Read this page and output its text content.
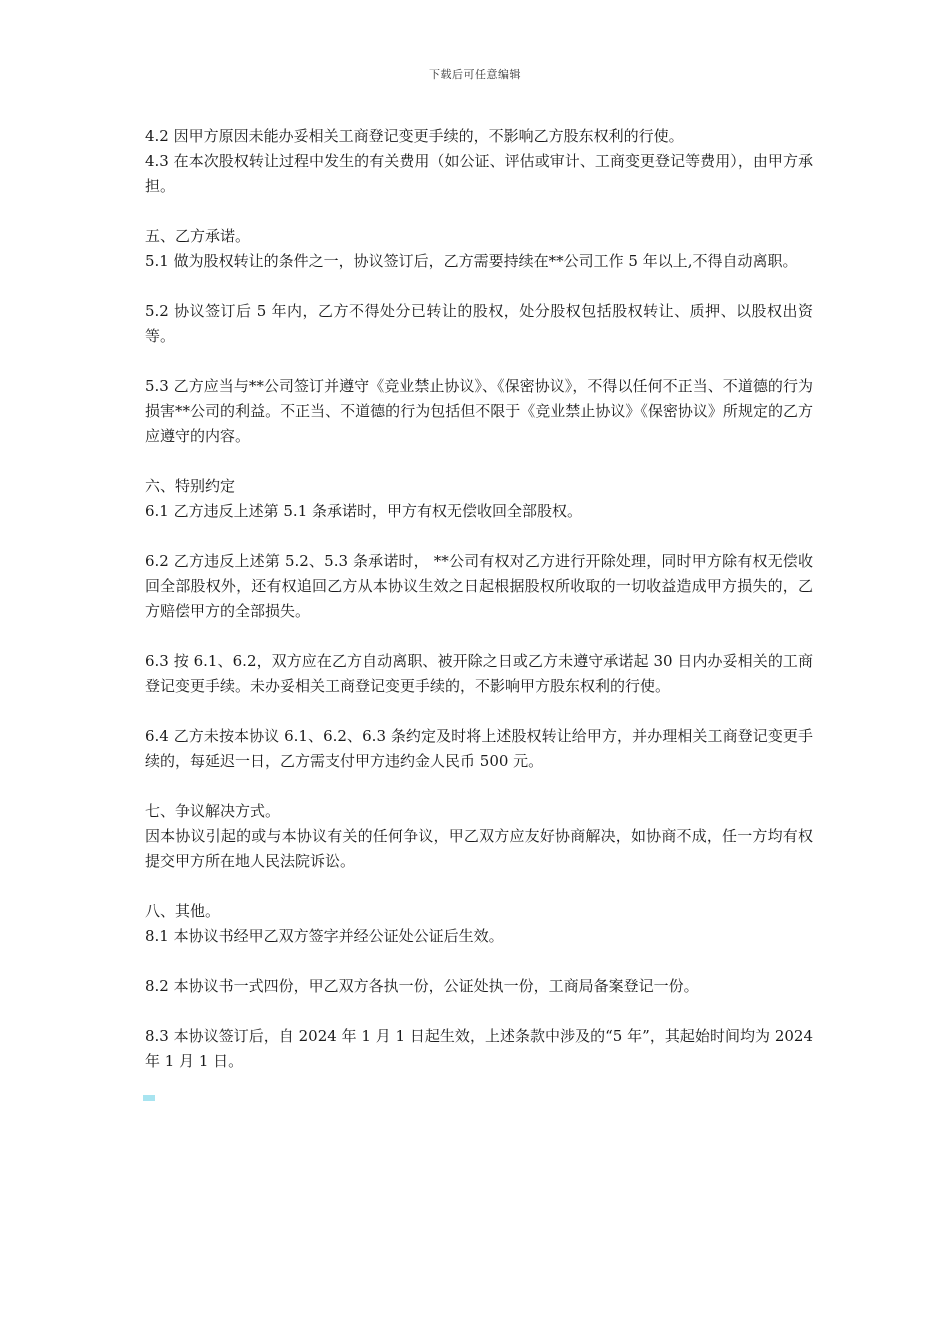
下载后可任意编辑

4.2 因甲方原因未能办妥相关工商登记变更手续的，不影响乙方股东权利的行使。

4.3 在本次股权转让过程中发生的有关费用（如公证、评估或审计、工商变更登记等费用），由甲方承担。

五、乙方承诺。

5.1 做为股权转让的条件之一，协议签订后，乙方需要持续在**公司工作 5 年以上,不得自动离职。

5.2 协议签订后 5 年内，乙方不得处分已转让的股权，处分股权包括股权转让、质押、以股权出资等。

5.3 乙方应当与**公司签订并遵守《竞业禁止协议》、《保密协议》，不得以任何不正当、不道德的行为损害**公司的利益。不正当、不道德的行为包括但不限于《竞业禁止协议》《保密协议》所规定的乙方应遵守的内容。

六、特别约定

6.1 乙方违反上述第 5.1 条承诺时，甲方有权无偿收回全部股权。

6.2 乙方违反上述第 5.2、5.3 条承诺时， **公司有权对乙方进行开除处理，同时甲方除有权无偿收回全部股权外，还有权追回乙方从本协议生效之日起根据股权所收取的一切收益造成甲方损失的，乙方赔偿甲方的全部损失。

6.3 按 6.1、6.2，双方应在乙方自动离职、被开除之日或乙方未遵守承诺起 30 日内办妥相关的工商登记变更手续。未办妥相关工商登记变更手续的，不影响甲方股东权利的行使。

6.4 乙方未按本协议 6.1、6.2、6.3 条约定及时将上述股权转让给甲方，并办理相关工商登记变更手续的，每延迟一日，乙方需支付甲方违约金人民币 500 元。

七、争议解决方式。

因本协议引起的或与本协议有关的任何争议，甲乙双方应友好协商解决，如协商不成，任一方均有权提交甲方所在地人民法院诉讼。

八、其他。

8.1 本协议书经甲乙双方签字并经公证处公证后生效。

8.2 本协议书一式四份，甲乙双方各执一份，公证处执一份，工商局备案登记一份。

8.3 本协议签订后，自 2024 年 1 月 1 日起生效，上述条款中涉及的“5 年”，其起始时间均为 2024 年 1 月 1 日。
